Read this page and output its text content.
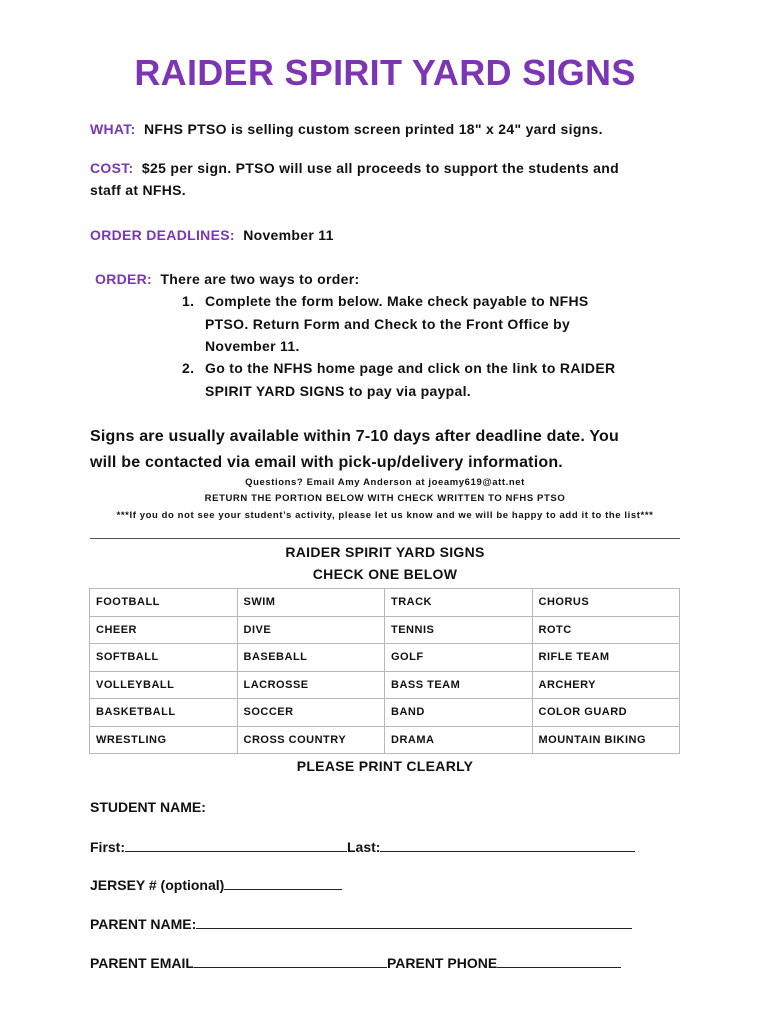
RAIDER SPIRIT YARD SIGNS
WHAT: NFHS PTSO is selling custom screen printed 18" x 24" yard signs.
COST: $25 per sign. PTSO will use all proceeds to support the students and
staff at NFHS.
ORDER DEADLINES: November 11
ORDER: There are two ways to order:
1. Complete the form below. Make check payable to NFHS
PTSO. Return Form and Check to the Front Office by
November 11.
2. Go to the NFHS home page and click on the link to RAIDER
SPIRIT YARD SIGNS to pay via paypal.
Signs are usually available within 7-10 days after deadline date. You
will be contacted via email with pick-up/delivery information.
Questions? Email Amy Anderson at joeamy619@att.net
RETURN THE PORTION BELOW WITH CHECK WRITTEN TO NFHS PTSO
***If you do not see your student’s activity, please let us know and we will be happy to add it to the list***
RAIDER SPIRIT YARD SIGNS
CHECK ONE BELOW
FOOTBALL	SWIM	TRACK	CHORUS
CHEER	DIVE	TENNIS	ROTC
SOFTBALL	BASEBALL	GOLF	RIFLE TEAM
VOLLEYBALL	LACROSSE	BASS TEAM	ARCHERY
BASKETBALL	SOCCER	BAND	COLOR GUARD
WRESTLING	CROSS COUNTRY	DRAMA	MOUNTAIN BIKING
PLEASE PRINT CLEARLY
STUDENT NAME:
First:	Last:
JERSEY # (optional)
PARENT NAME:
PARENT EMAIL	PARENT PHONE
